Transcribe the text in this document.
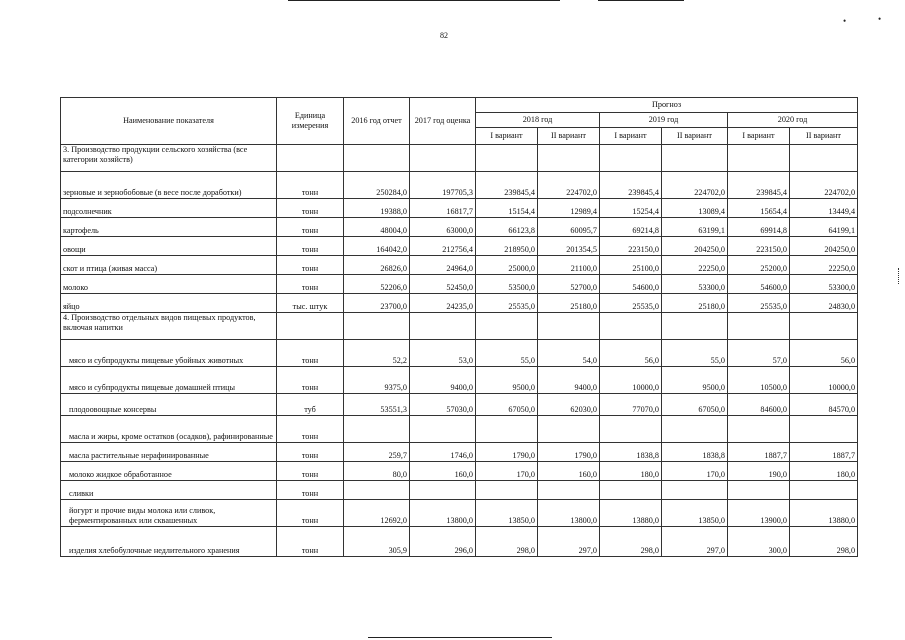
•	•
82
Наименование показателя	Единица измерения	2016 год отчет	2017 год оценка	Прогноз					
				2018 год		2019 год		2020 год	
				I вариант	II вариант	I вариант	II вариант	I вариант	II вариант
3. Производство продукции сельского хозяйства (все категории хозяйств)									
зерновые и зернобобовые (в весе после доработки)	тонн	250284,0	197705,3	239845,4	224702,0	239845,4	224702,0	239845,4	224702,0
подсолнечник	тонн	19388,0	16817,7	15154,4	12989,4	15254,4	13089,4	15654,4	13449,4
картофель	тонн	48004,0	63000,0	66123,8	60095,7	69214,8	63199,1	69914,8	64199,1
овощи	тонн	164042,0	212756,4	218950,0	201354,5	223150,0	204250,0	223150,0	204250,0
скот и птица (живая масса)	тонн	26826,0	24964,0	25000,0	21100,0	25100,0	22250,0	25200,0	22250,0
молоко	тонн	52206,0	52450,0	53500,0	52700,0	54600,0	53300,0	54600,0	53300,0
яйцо	тыс. штук	23700,0	24235,0	25535,0	25180,0	25535,0	25180,0	25535,0	24830,0
4. Производство отдельных видов пищевых продуктов, включая напитки									
мясо и субпродукты пищевые убойных животных	тонн	52,2	53,0	55,0	54,0	56,0	55,0	57,0	56,0
мясо и субпродукты пищевые домашней птицы	тонн	9375,0	9400,0	9500,0	9400,0	10000,0	9500,0	10500,0	10000,0
плодоовощные консервы	туб	53551,3	57030,0	67050,0	62030,0	77070,0	67050,0	84600,0	84570,0
масла и жиры, кроме остатков (осадков), рафинированные	тонн								
масла растительные нерафинированные	тонн	259,7	1746,0	1790,0	1790,0	1838,8	1838,8	1887,7	1887,7
молоко жидкое обработанное	тонн	80,0	160,0	170,0	160,0	180,0	170,0	190,0	180,0
сливки	тонн								
йогурт и прочие виды молока или сливок, ферментированных или сквашенных	тонн	12692,0	13800,0	13850,0	13800,0	13880,0	13850,0	13900,0	13880,0
изделия хлебобулочные недлительного хранения	тонн	305,9	296,0	298,0	297,0	298,0	297,0	300,0	298,0
